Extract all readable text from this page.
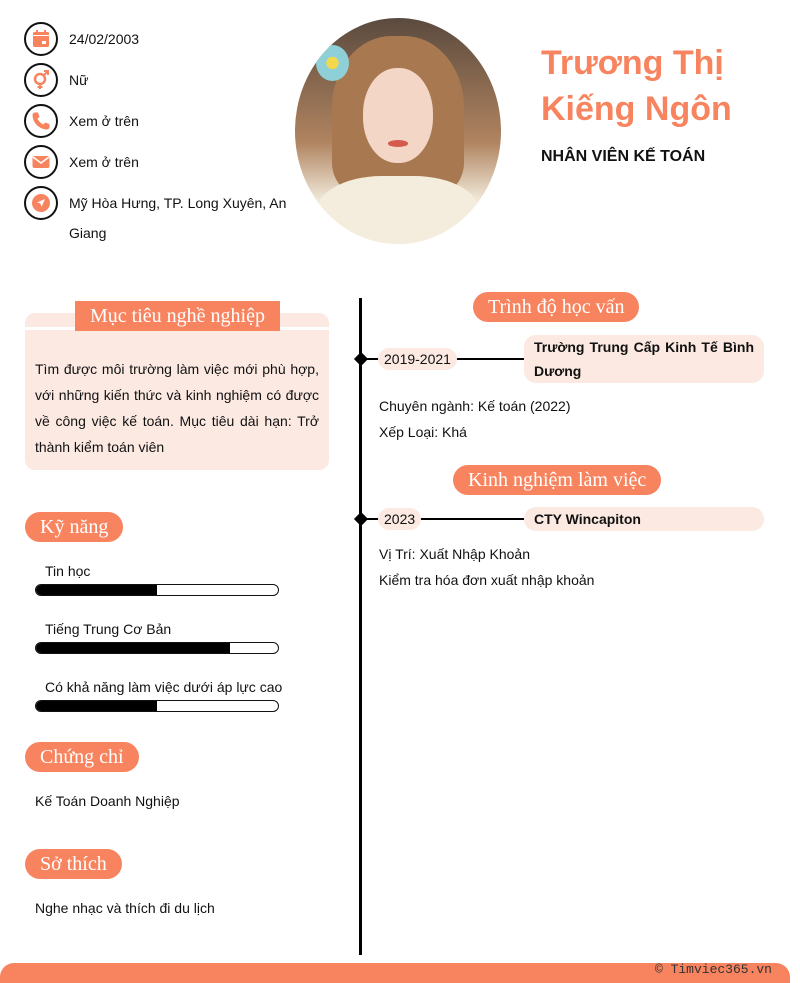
24/02/2003
Nữ
Xem ở trên
Xem ở trên
Mỹ Hòa Hưng, TP. Long Xuyên, An Giang
Trương Thị
Kiếng Ngôn
NHÂN VIÊN KẾ TOÁN
Mục tiêu nghề nghiệp
Tìm được môi trường làm việc mới phù hợp, với những kiến thức và kinh nghiệm có được về công việc kế toán. Mục tiêu dài hạn: Trở thành kiểm toán viên
Kỹ năng
Tin học
Tiếng Trung Cơ Bản
Có khả năng làm việc dưới áp lực cao
Chứng chỉ
Kế Toán Doanh Nghiệp
Sở thích
Nghe nhạc và thích đi du lịch
Trình độ học vấn
2019-2021
Trường Trung Cấp Kinh Tế Bình Dương
Chuyên ngành: Kế toán (2022)
Xếp Loại: Khá
Kinh nghiệm làm việc
2023	CTY Wincapiton
Vị Trí: Xuất Nhập Khoản
Kiểm tra hóa đơn xuất nhập khoản
© Timviec365.vn
